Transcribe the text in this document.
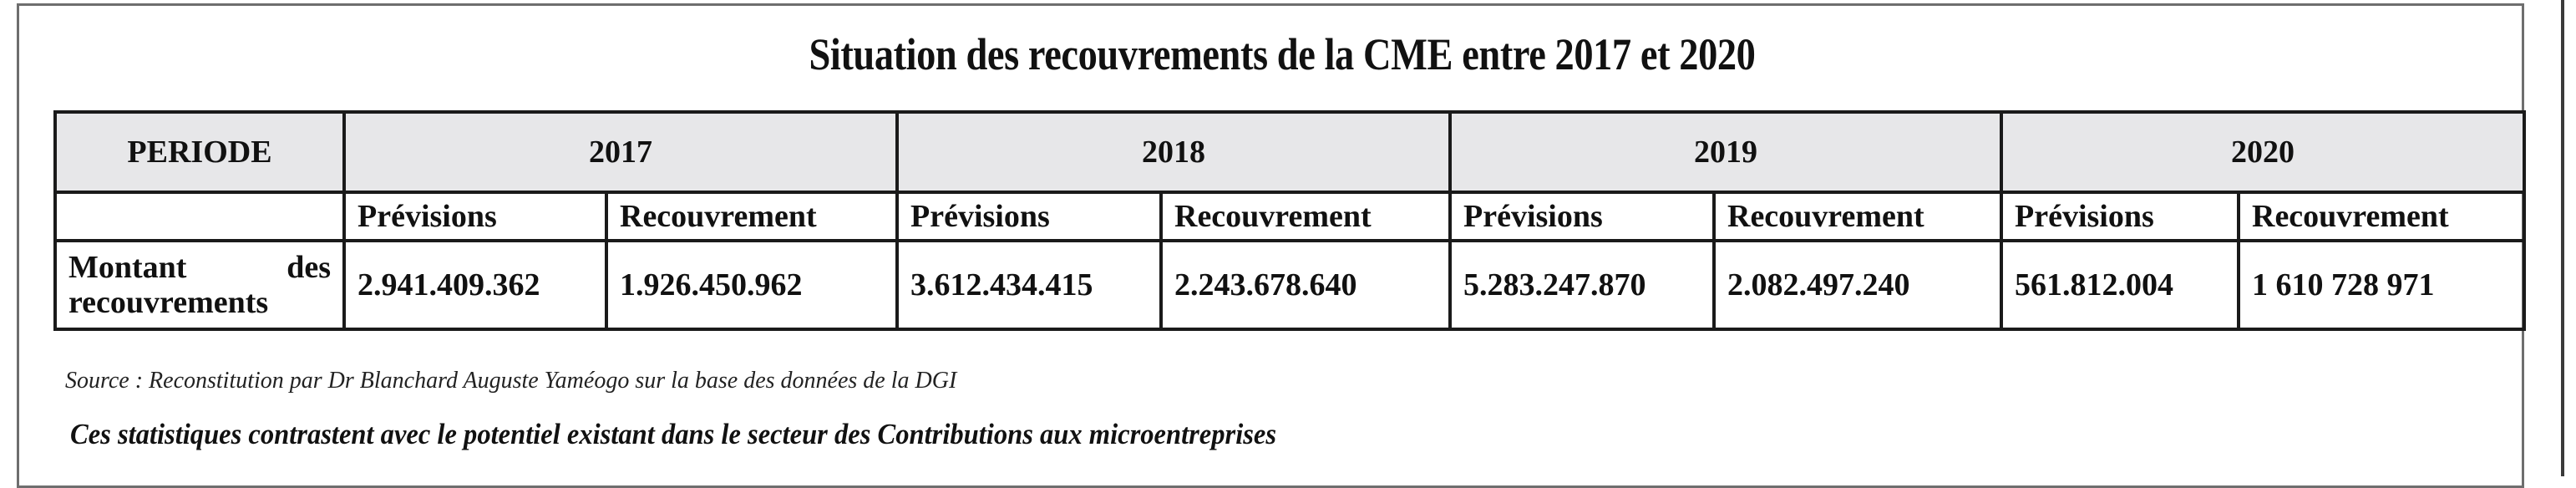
Situation des recouvrements de la CME entre 2017 et 2020
PERIODE	2017		2018		2019		2020	
	Prévisions	Recouvrement	Prévisions	Recouvrement	Prévisions	Recouvrement	Prévisions	Recouvrement

Montant des
recouvrements	2.941.409.362	1.926.450.962	3.612.434.415	2.243.678.640	5.283.247.870	2.082.497.240	561.812.004	1 610 728 971
Source : Reconstitution par Dr Blanchard Auguste Yaméogo sur la base des données de la DGI
Ces statistiques contrastent avec le potentiel existant dans le secteur des Contributions aux microentreprises
